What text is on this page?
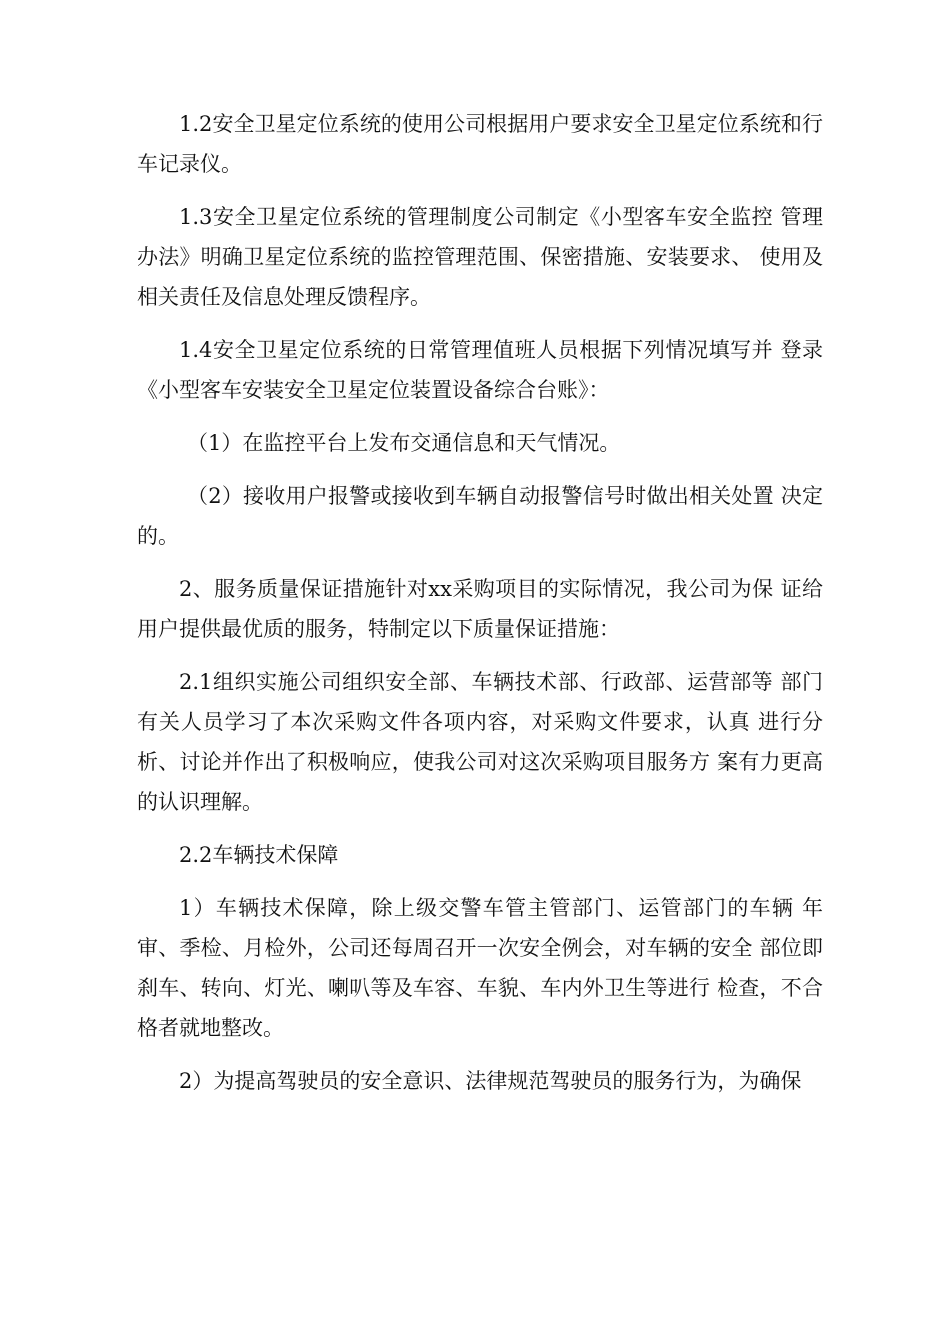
1.2安全卫星定位系统的使用公司根据用户要求安全卫星定位系统和行车记录仪。

1.3安全卫星定位系统的管理制度公司制定《小型客车安全监控 管理办法》明确卫星定位系统的监控管理范围、保密措施、安装要求、 使用及相关责任及信息处理反馈程序。

1.4安全卫星定位系统的日常管理值班人员根据下列情况填写并 登录《小型客车安装安全卫星定位装置设备综合台账》：

（1）在监控平台上发布交通信息和天气情况。

（2）接收用户报警或接收到车辆自动报警信号时做出相关处置 决定的。

2、服务质量保证措施针对xx采购项目的实际情况，我公司为保 证给用户提供最优质的服务，特制定以下质量保证措施：

2.1组织实施公司组织安全部、车辆技术部、行政部、运营部等 部门有关人员学习了本次采购文件各项内容，对采购文件要求，认真 进行分析、讨论并作出了积极响应，使我公司对这次采购项目服务方 案有力更高的认识理解。

2.2车辆技术保障

1）车辆技术保障，除上级交警车管主管部门、运管部门的车辆 年审、季检、月检外，公司还每周召开一次安全例会，对车辆的安全 部位即刹车、转向、灯光、喇叭等及车容、车貌、车内外卫生等进行 检查，不合格者就地整改。

2）为提高驾驶员的安全意识、法律规范驾驶员的服务行为，为确保
